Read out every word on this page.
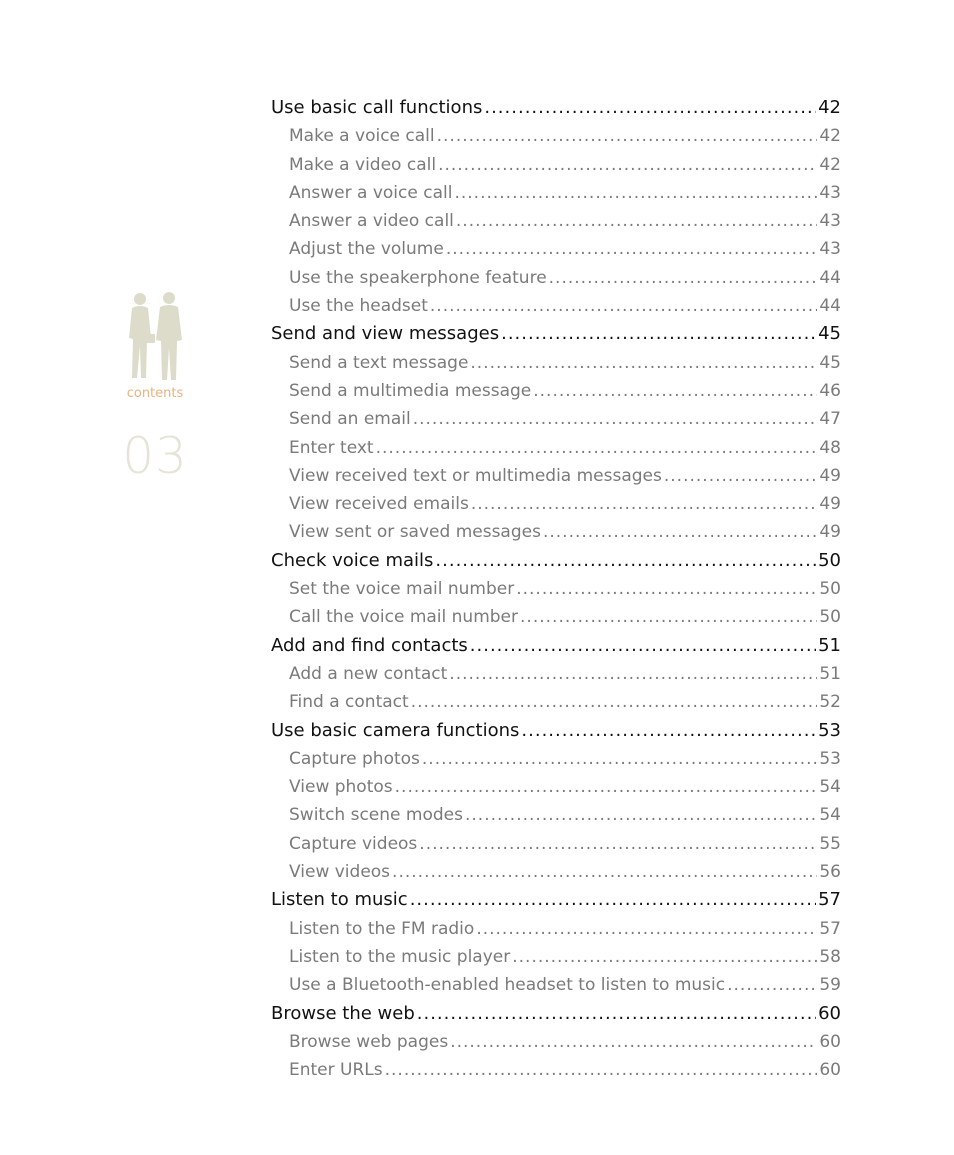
contents
03
Use basic call functions .....	42
Make a voice call .....	42
Make a video call .....	42
Answer a voice call .....	43
Answer a video call .....	43
Adjust the volume .....	43
Use the speakerphone feature .....	44
Use the headset .....	44
Send and view messages .....	45
Send a text message .....	45
Send a multimedia message .....	46
Send an email .....	47
Enter text .....	48
View received text or multimedia messages .....	49
View received emails .....	49
View sent or saved messages .....	49
Check voice mails .....	50
Set the voice mail number .....	50
Call the voice mail number .....	50
Add and find contacts .....	51
Add a new contact .....	51
Find a contact .....	52
Use basic camera functions .....	53
Capture photos .....	53
View photos .....	54
Switch scene modes .....	54
Capture videos .....	55
View videos .....	56
Listen to music .....	57
Listen to the FM radio .....	57
Listen to the music player .....	58
Use a Bluetooth-enabled headset to listen to music .....	59
Browse the web .....	60
Browse web pages .....	60
Enter URLs .....	60
